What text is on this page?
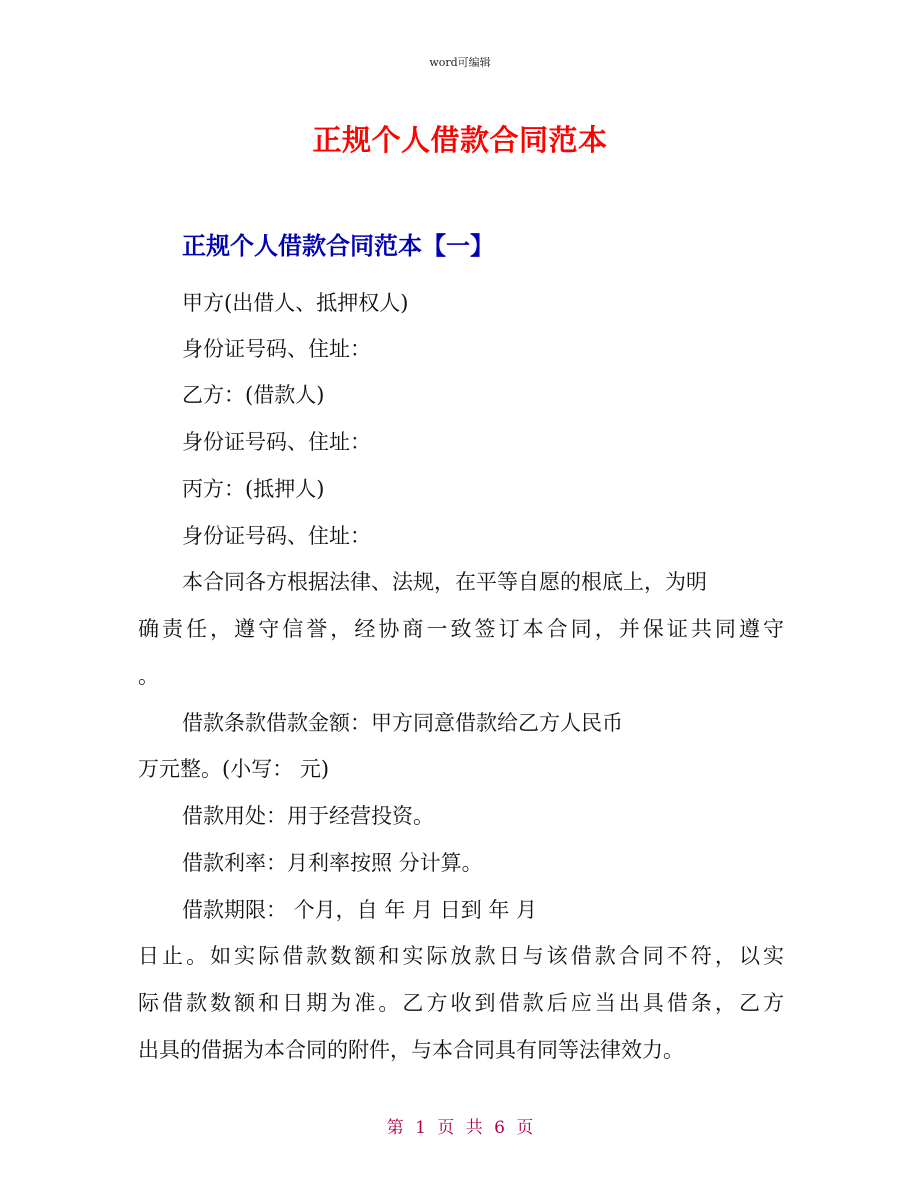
word可编辑
正规个人借款合同范本
正规个人借款合同范本【一】
甲方(出借人、抵押权人)
身份证号码、住址：
乙方：(借款人)
身份证号码、住址：
丙方：(抵押人)
身份证号码、住址：
本合同各方根据法律、法规，在平等自愿的根底上，为明
确责任，遵守信誉，经协商一致签订本合同，并保证共同遵守
。
借款条款借款金额：甲方同意借款给乙方人民币
万元整。(小写： 元)
借款用处：用于经营投资。
借款利率：月利率按照 分计算。
借款期限： 个月，自 年 月 日到 年 月
日止。如实际借款数额和实际放款日与该借款合同不符，以实
际借款数额和日期为准。乙方收到借款后应当出具借条，乙方
出具的借据为本合同的附件，与本合同具有同等法律效力。
第 1 页 共 6 页
